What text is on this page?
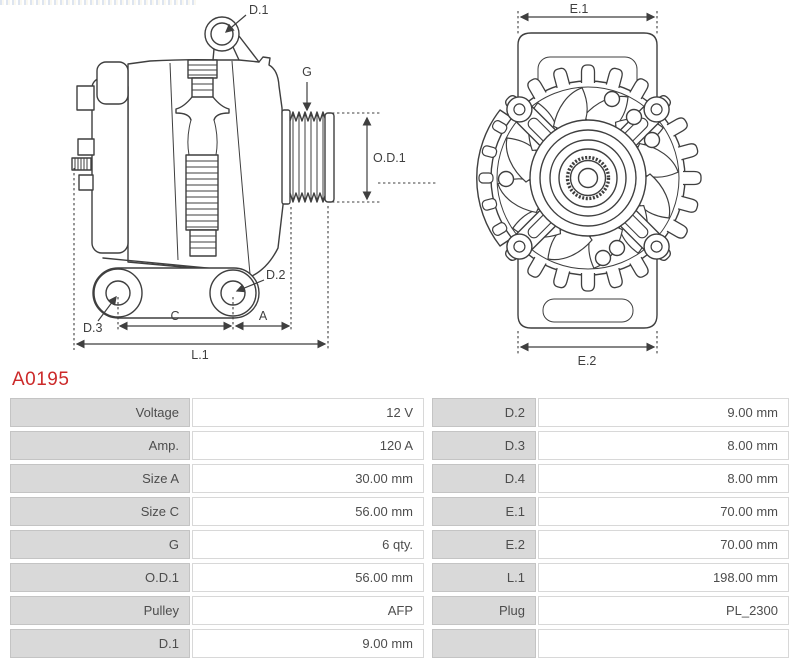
D.1
G
O.D.1
D.2
D.3
C	A
L.1
E.1
E.2
A0195
Voltage	12 V	D.2	9.00 mm
Amp.	120 A	D.3	8.00 mm
Size A	30.00 mm	D.4	8.00 mm
Size C	56.00 mm	E.1	70.00 mm
G	6 qty.	E.2	70.00 mm
O.D.1	56.00 mm	L.1	198.00 mm
Pulley	AFP	Plug	PL_2300
D.1	9.00 mm
